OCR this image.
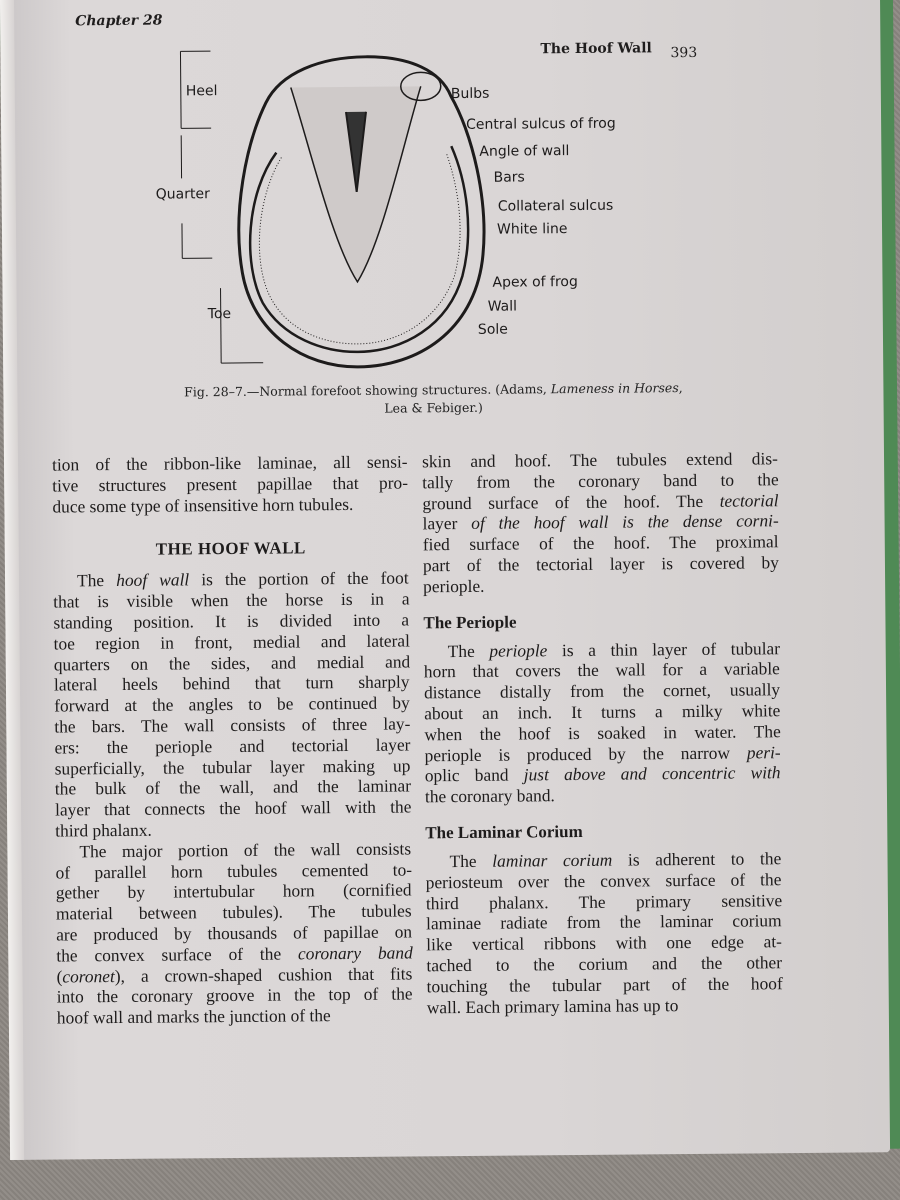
Chapter 28
The Hoof Wall 393
Heel
Quarter
Toe
Bulbs
Central sulcus of frog
Angle of wall
Bars
Collateral sulcus
White line
Apex of frog
Wall
Sole
Fig. 28–7.—Normal forefoot showing structures. (Adams, Lameness in Horses,
Lea & Febiger.)
tion of the ribbon-like laminae, all sensi-
tive structures present papillae that pro-
duce some type of insensitive horn tubules.
THE HOOF WALL
The hoof wall is the portion of the foot
that is visible when the horse is in a
standing position. It is divided into a
toe region in front, medial and lateral
quarters on the sides, and medial and
lateral heels behind that turn sharply
forward at the angles to be continued by
the bars. The wall consists of three lay-
ers: the periople and tectorial layer
superficially, the tubular layer making up
the bulk of the wall, and the laminar
layer that connects the hoof wall with the
third phalanx.
The major portion of the wall consists
of parallel horn tubules cemented to-
gether by intertubular horn (cornified
material between tubules). The tubules
are produced by thousands of papillae on
the convex surface of the coronary band
(coronet), a crown-shaped cushion that fits
into the coronary groove in the top of the
hoof wall and marks the junction of the
skin and hoof. The tubules extend dis-
tally from the coronary band to the
ground surface of the hoof. The tectorial
layer of the hoof wall is the dense corni-
fied surface of the hoof. The proximal
part of the tectorial layer is covered by
periople.
The Periople
The periople is a thin layer of tubular
horn that covers the wall for a variable
distance distally from the cornet, usually
about an inch. It turns a milky white
when the hoof is soaked in water. The
periople is produced by the narrow peri-
oplic band just above and concentric with
the coronary band.
The Laminar Corium
The laminar corium is adherent to the
periosteum over the convex surface of the
third phalanx. The primary sensitive
laminae radiate from the laminar corium
like vertical ribbons with one edge at-
tached to the corium and the other
touching the tubular part of the hoof
wall. Each primary lamina has up to
